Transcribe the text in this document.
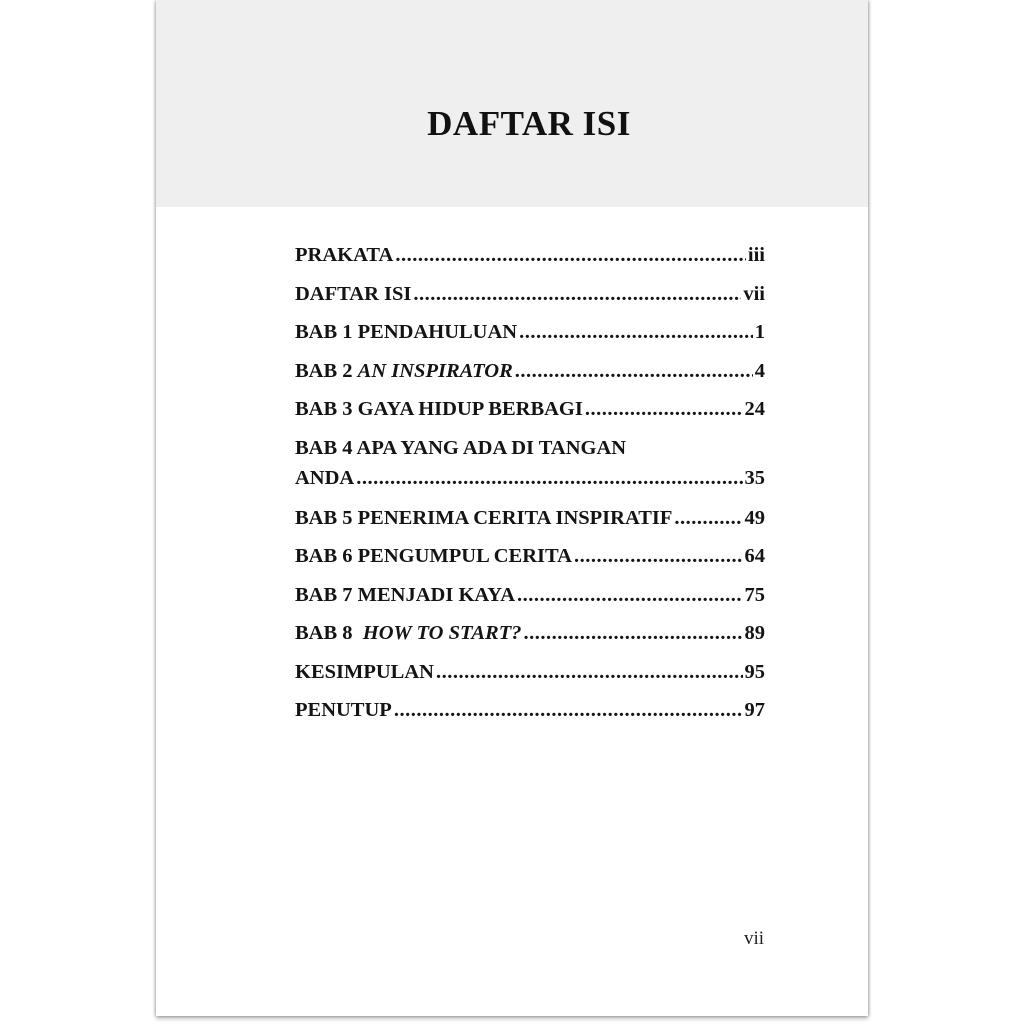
DAFTAR ISI
PRAKATA .....	iii
DAFTAR ISI .....	vii
BAB 1 PENDAHULUAN .....	1
BAB 2 AN INSPIRATOR .....	4
BAB 3 GAYA HIDUP BERBAGI .....	24
BAB 4 APA YANG ADA DI TANGAN
ANDA .....	35
BAB 5 PENERIMA CERITA INSPIRATIF .....	49
BAB 6 PENGUMPUL CERITA .....	64
BAB 7 MENJADI KAYA .....	75
BAB 8  HOW TO START? .....	89
KESIMPULAN .....	95
PENUTUP .....	97
vii
